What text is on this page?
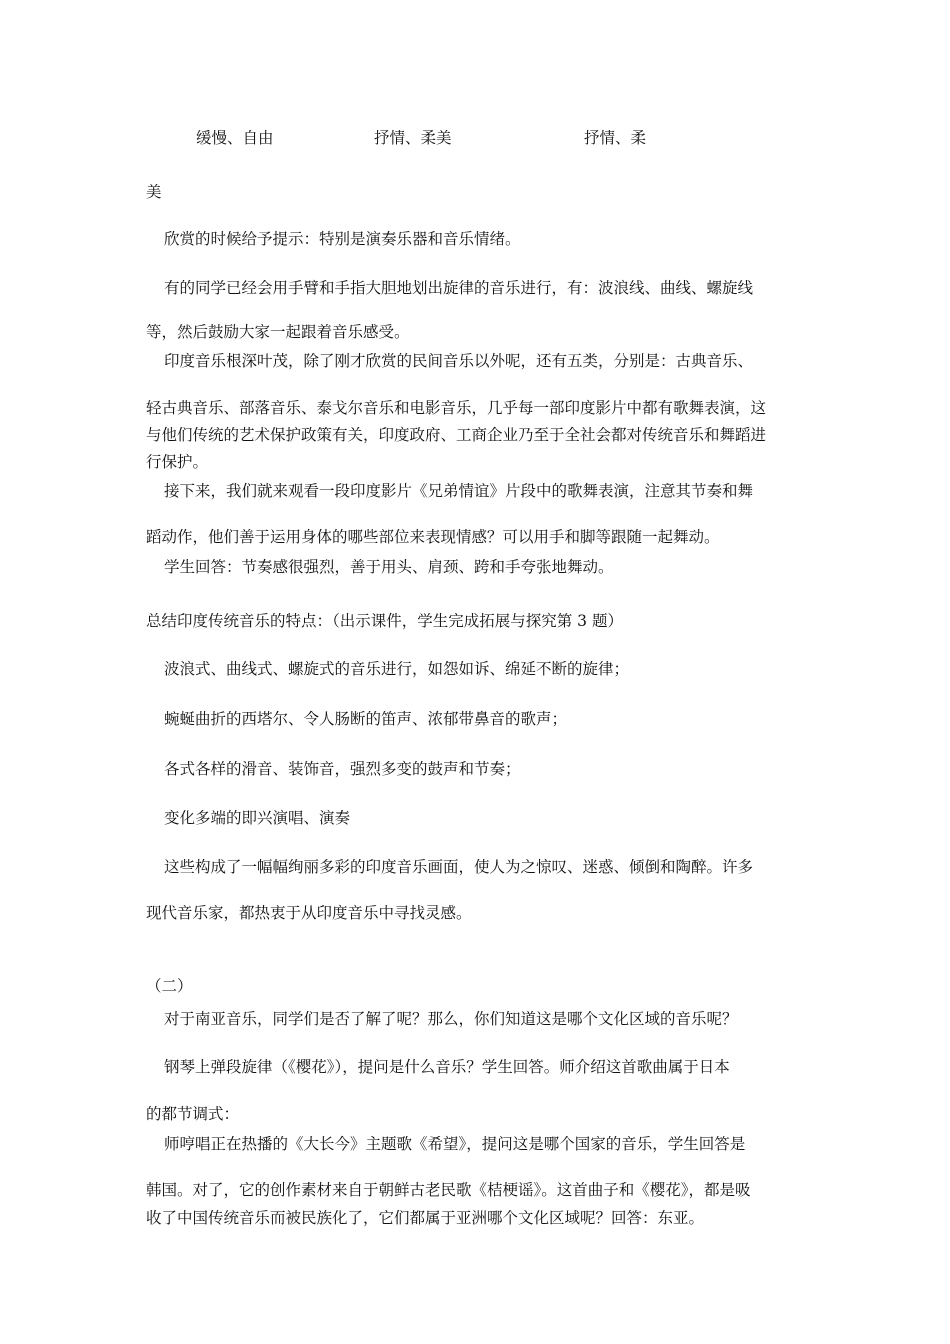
缓慢、自由	抒情、柔美	抒情、柔
美
欣赏的时候给予提示：特别是演奏乐器和音乐情绪。
有的同学已经会用手臂和手指大胆地划出旋律的音乐进行，有：波浪线、曲线、螺旋线
等，然后鼓励大家一起跟着音乐感受。
印度音乐根深叶茂，除了刚才欣赏的民间音乐以外呢，还有五类，分别是：古典音乐、
轻古典音乐、部落音乐、泰戈尔音乐和电影音乐，几乎每一部印度影片中都有歌舞表演，这
与他们传统的艺术保护政策有关，印度政府、工商企业乃至于全社会都对传统音乐和舞蹈进
行保护。
接下来，我们就来观看一段印度影片《兄弟情谊》片段中的歌舞表演，注意其节奏和舞
蹈动作，他们善于运用身体的哪些部位来表现情感？可以用手和脚等跟随一起舞动。
学生回答：节奏感很强烈，善于用头、肩颈、跨和手夸张地舞动。
总结印度传统音乐的特点：（出示课件，学生完成拓展与探究第 3 题）
波浪式、曲线式、螺旋式的音乐进行，如怨如诉、绵延不断的旋律；
蜿蜒曲折的西塔尔、令人肠断的笛声、浓郁带鼻音的歌声；
各式各样的滑音、装饰音，强烈多变的鼓声和节奏；
变化多端的即兴演唱、演奏
这些构成了一幅幅绚丽多彩的印度音乐画面，使人为之惊叹、迷惑、倾倒和陶醉。许多
现代音乐家，都热衷于从印度音乐中寻找灵感。
（二）
对于南亚音乐，同学们是否了解了呢？那么，你们知道这是哪个文化区域的音乐呢？
钢琴上弹段旋律（《樱花》），提问是什么音乐？学生回答。师介绍这首歌曲属于日本
的都节调式：
师哼唱正在热播的《大长今》主题歌《希望》，提问这是哪个国家的音乐，学生回答是
韩国。对了，它的创作素材来自于朝鲜古老民歌《桔梗谣》。这首曲子和《樱花》，都是吸
收了中国传统音乐而被民族化了，它们都属于亚洲哪个文化区域呢？回答：东亚。
